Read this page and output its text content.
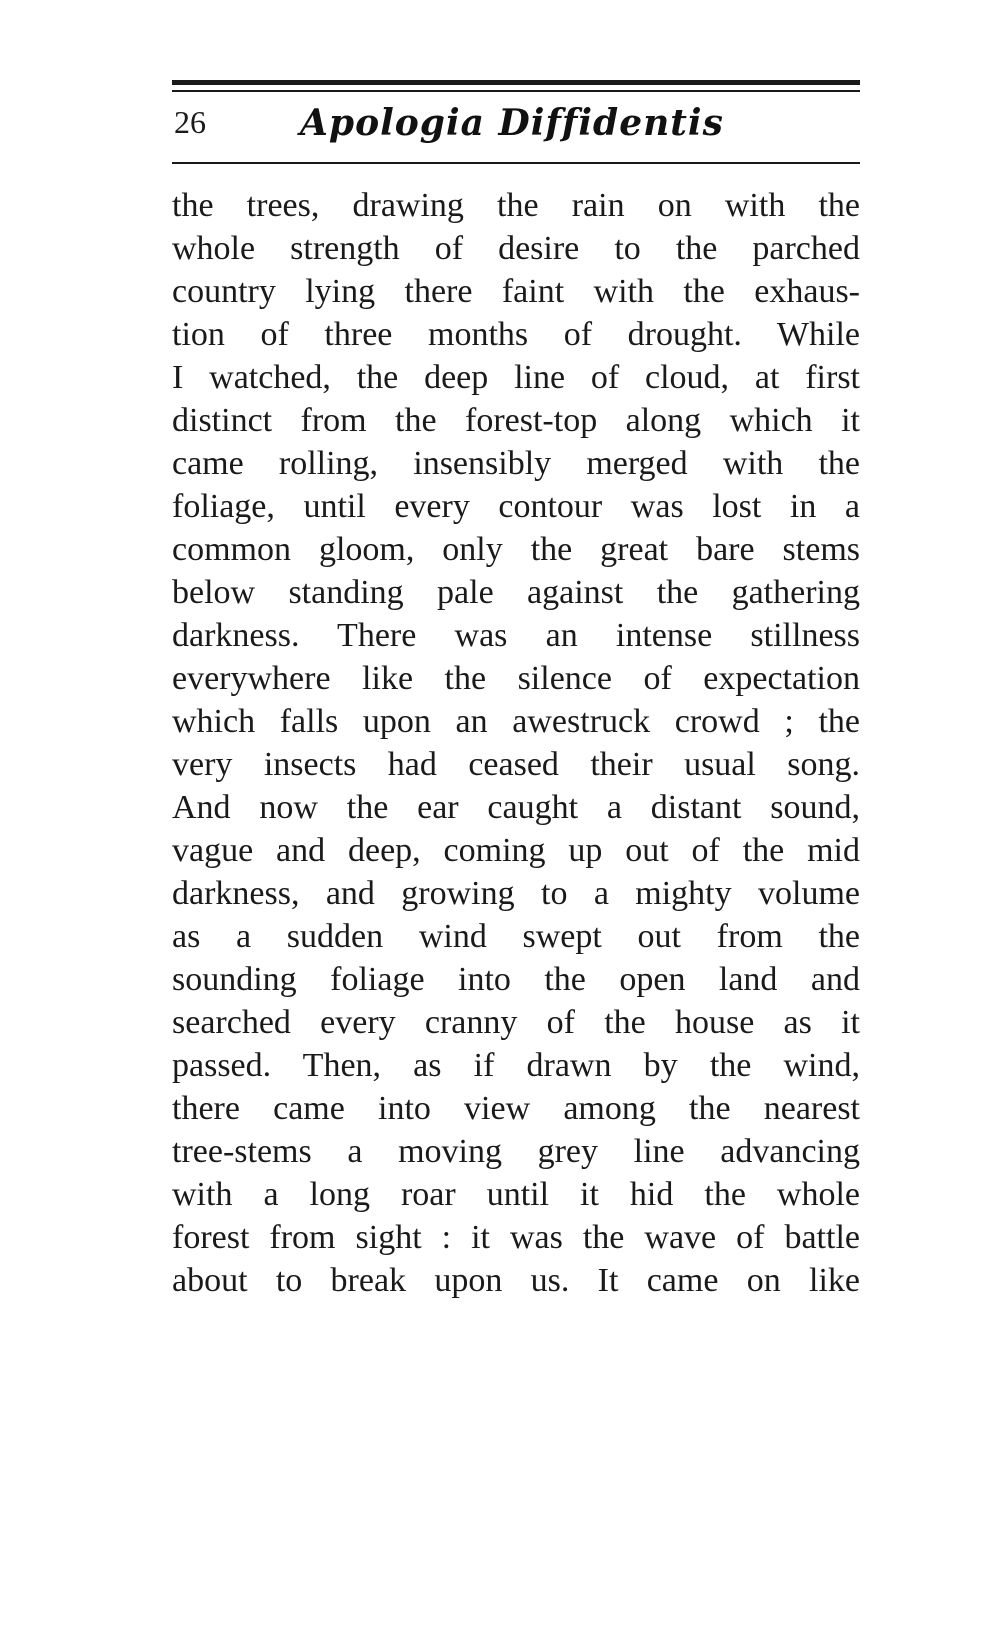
26	Apologia Diffidentis
the trees, drawing the rain on with the
whole strength of desire to the parched
country lying there faint with the exhaus-
tion of three months of drought. While
I watched, the deep line of cloud, at first
distinct from the forest-top along which it
came rolling, insensibly merged with the
foliage, until every contour was lost in a
common gloom, only the great bare stems
below standing pale against the gathering
darkness. There was an intense stillness
everywhere like the silence of expectation
which falls upon an awestruck crowd ; the
very insects had ceased their usual song.
And now the ear caught a distant sound,
vague and deep, coming up out of the mid
darkness, and growing to a mighty volume
as a sudden wind swept out from the
sounding foliage into the open land and
searched every cranny of the house as it
passed. Then, as if drawn by the wind,
there came into view among the nearest
tree-stems a moving grey line advancing
with a long roar until it hid the whole
forest from sight : it was the wave of battle
about to break upon us. It came on like
